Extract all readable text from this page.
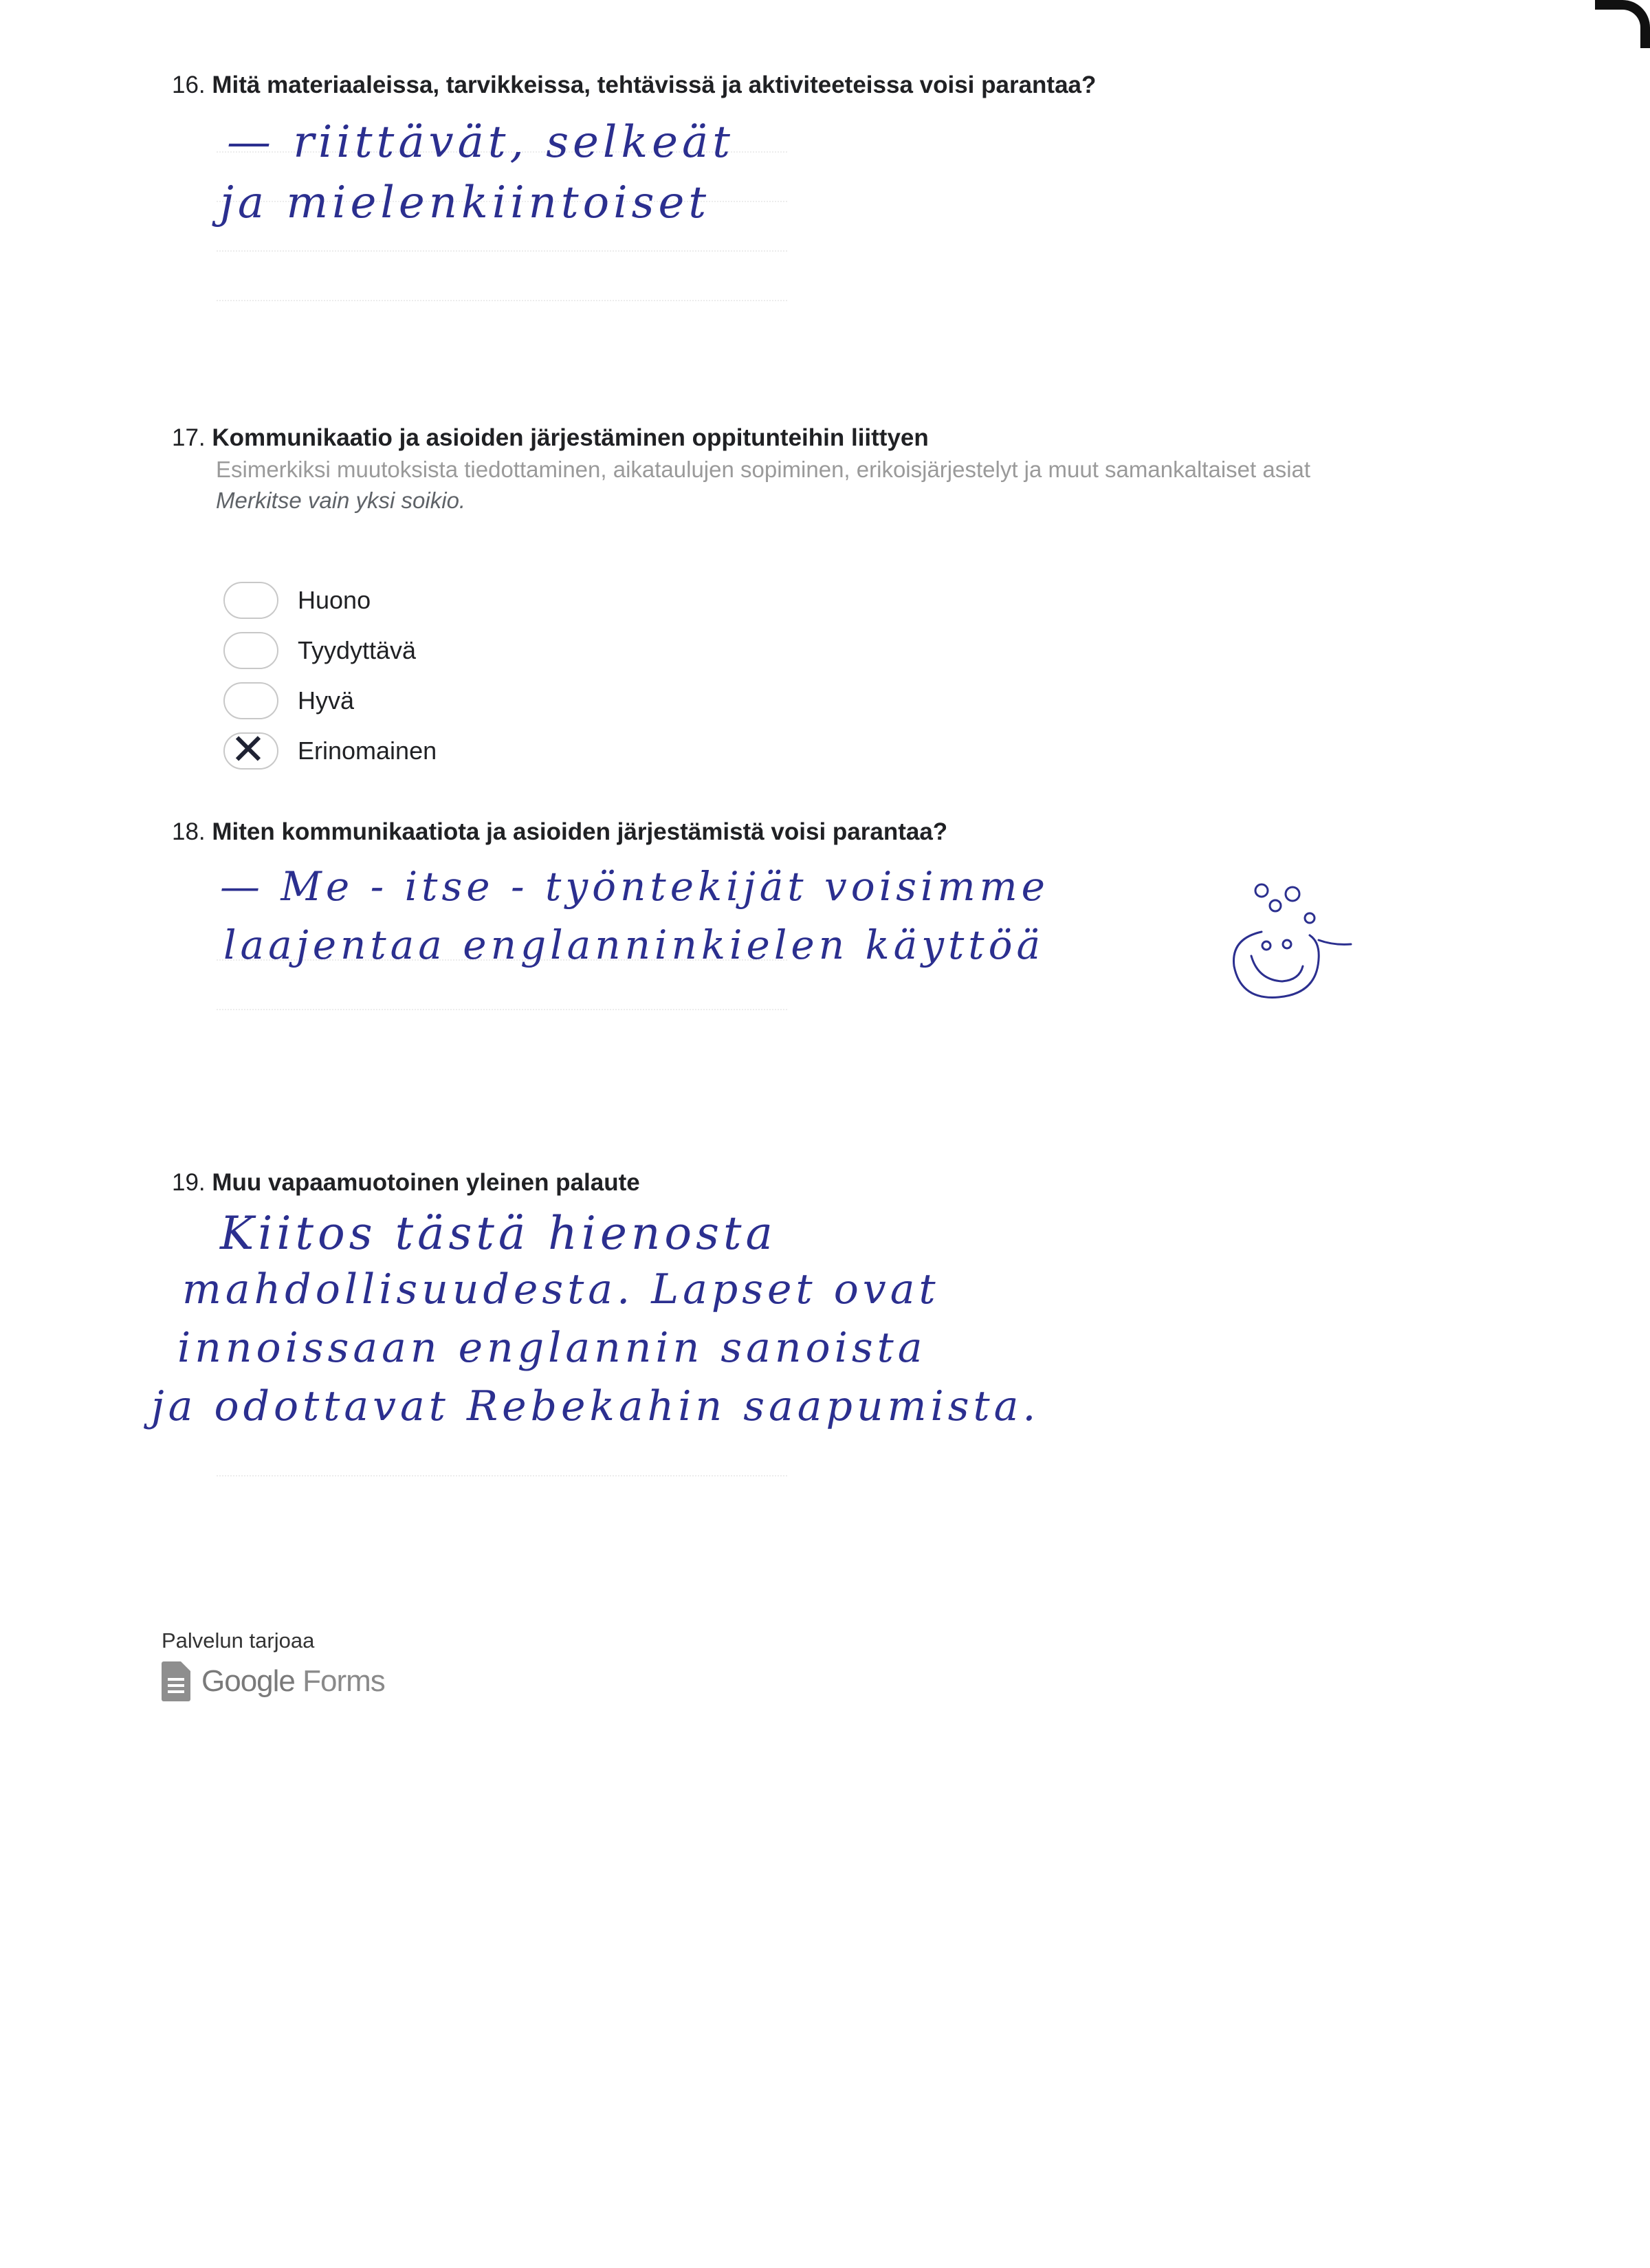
16. Mitä materiaaleissa, tarvikkeissa, tehtävissä ja aktiviteeteissa voisi parantaa?
— riittävät, selkeät
ja mielenkiintoiset
17. Kommunikaatio ja asioiden järjestäminen oppitunteihin liittyen
Esimerkiksi muutoksista tiedottaminen, aikataulujen sopiminen, erikoisjärjestelyt ja muut samankaltaiset asiat
Merkitse vain yksi soikio.
Huono
Tyydyttävä
Hyvä
✕ Erinomainen
18. Miten kommunikaatiota ja asioiden järjestämistä voisi parantaa?
— Me - itse - työntekijät voisimme
laajentaa englanninkielen käyttöä
19. Muu vapaamuotoinen yleinen palaute
Kiitos tästä hienosta
mahdollisuudesta. Lapset ovat
innoissaan englannin sanoista
ja odottavat Rebekahin saapumista.
Palvelun tarjoaa
Google Forms
